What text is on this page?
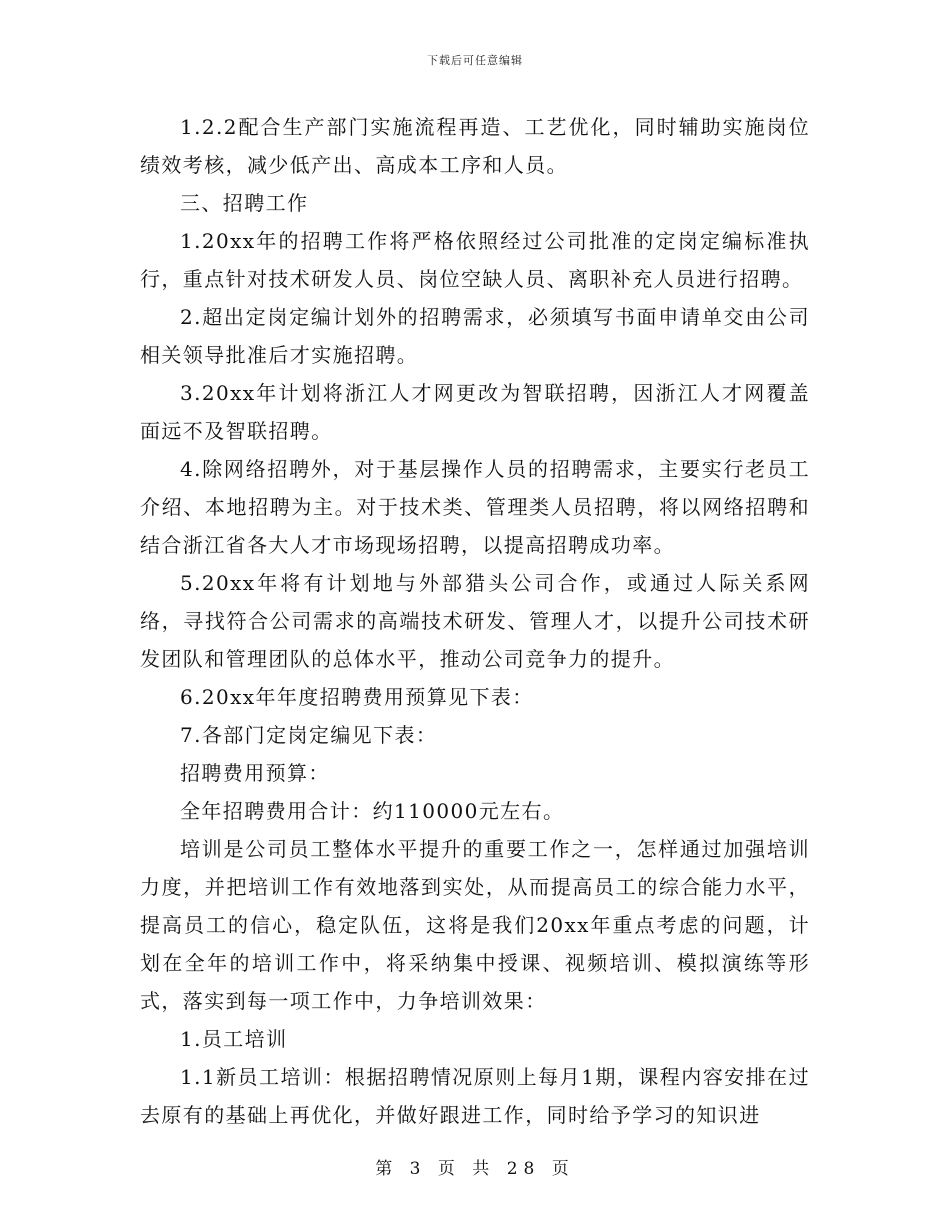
下载后可任意编辑

1.2.2配合生产部门实施流程再造、工艺优化，同时辅助实施岗位绩效考核，减少低产出、高成本工序和人员。

三、招聘工作

1.20xx年的招聘工作将严格依照经过公司批准的定岗定编标准执行，重点针对技术研发人员、岗位空缺人员、离职补充人员进行招聘。

2.超出定岗定编计划外的招聘需求，必须填写书面申请单交由公司相关领导批准后才实施招聘。

3.20xx年计划将浙江人才网更改为智联招聘，因浙江人才网覆盖面远不及智联招聘。

4.除网络招聘外，对于基层操作人员的招聘需求，主要实行老员工介绍、本地招聘为主。对于技术类、管理类人员招聘，将以网络招聘和结合浙江省各大人才市场现场招聘，以提高招聘成功率。

5.20xx年将有计划地与外部猎头公司合作，或通过人际关系网络，寻找符合公司需求的高端技术研发、管理人才，以提升公司技术研发团队和管理团队的总体水平，推动公司竞争力的提升。

6.20xx年年度招聘费用预算见下表：

7.各部门定岗定编见下表：

招聘费用预算：

全年招聘费用合计：约110000元左右。

培训是公司员工整体水平提升的重要工作之一，怎样通过加强培训力度，并把培训工作有效地落到实处，从而提高员工的综合能力水平，提高员工的信心，稳定队伍，这将是我们20xx年重点考虑的问题，计划在全年的培训工作中，将采纳集中授课、视频培训、模拟演练等形式，落实到每一项工作中，力争培训效果：

1.员工培训

1.1新员工培训：根据招聘情况原则上每月1期，课程内容安排在过去原有的基础上再优化，并做好跟进工作，同时给予学习的知识进

第 3 页 共 28 页
